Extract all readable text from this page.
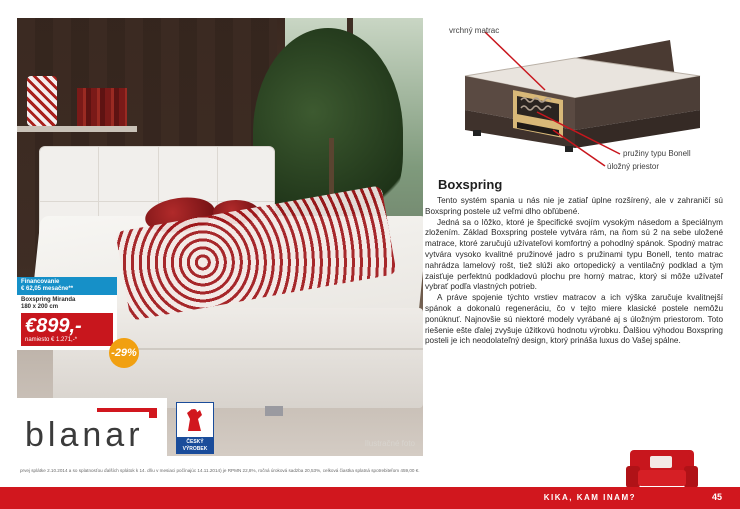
Ilustračné foto
Financovanie
€ 62,05 mesačne**
Boxspring Miranda
180 x 200 cm
€899,-
namiesto € 1.271,-*
-29%
blanar	ČESKÝ
VÝROBEK
vrchný matrac
pružiny typu Bonell
úložný priestor
Boxspring

Tento systém spania u nás nie je zatiaľ úplne rozšírený, ale v zahraničí sú Boxspring postele už veľmi dlho obľúbené.

Jedná sa o lôžko, ktoré je špecifické svojím vysokým násedom a špeciálnym zložením. Základ Boxspring postele vytvára rám, na ňom sú 2 na sebe uložené matrace, ktoré zaručujú užívateľovi komfortný a pohodlný spánok. Spodný matrac vytvára vysoko kvalitné pružinové jadro s pružinami typu Bonell, tento matrac nahrádza lamelový rošt, tiež slúži ako ortopedický a ventilačný podklad a tým zaisťuje perfektnú podkladovú plochu pre horný matrac, ktorý si môže užívateľ vybrať podľa vlastných potrieb.

A práve spojenie týchto vrstiev matracov a ich výška zaručuje kvalitnejší spánok a dokonalú regeneráciu, čo v tejto miere klasické postele nemôžu ponúknuť. Najnovšie sú niektoré modely vyrábané aj s úložným priestorom. Toto riešenie ešte ďalej zvyšuje úžitkovú hodnotu výrobku. Ďalšiou výhodou Boxspring posteli je ich neodolateľný design, ktorý prináša luxus do Vašej spálne.

prvej splátke 2.10.2014 a so splatnosťou ďalších splátok k 14. dňu v mesiaci počínajúc 14.11.2014) je RPMN 22,8%, ročná úroková sadzba 20,53%, celková čiastka splatná spotrebiteľom 459,00 €.
KIKA, KAM INAM?	45
